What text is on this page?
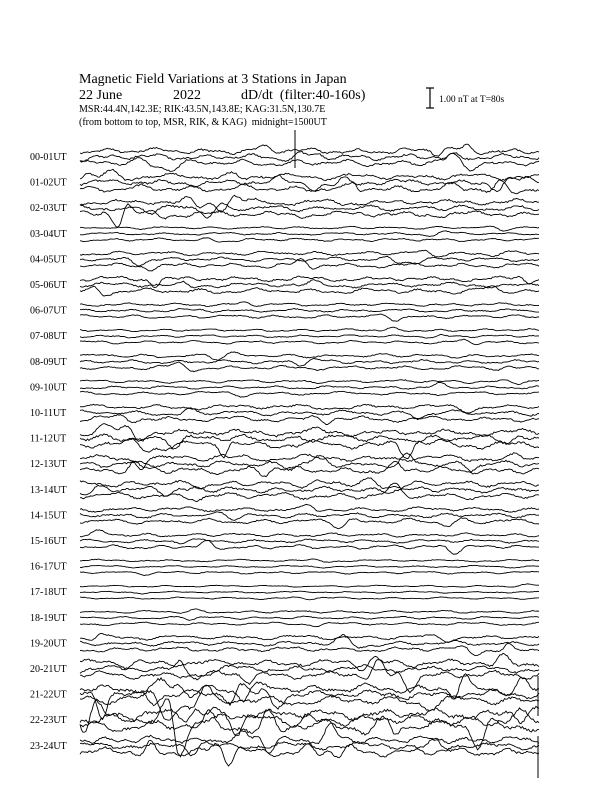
Magnetic Field Variations at 3 Stations in Japan
22 June	2022	dD/dt (filter:40-160s)
MSR:44.4N,142.3E; RIK:43.5N,143.8E; KAG:31.5N,130.7E
(from bottom to top, MSR, RIK, & KAG) midnight=1500UT
1.00 nT at T=80s
00-01UT
01-02UT
02-03UT
03-04UT
04-05UT
05-06UT
06-07UT
07-08UT
08-09UT
09-10UT
10-11UT
11-12UT
12-13UT
13-14UT
14-15UT
15-16UT
16-17UT
17-18UT
18-19UT
19-20UT
20-21UT
21-22UT
22-23UT
23-24UT
